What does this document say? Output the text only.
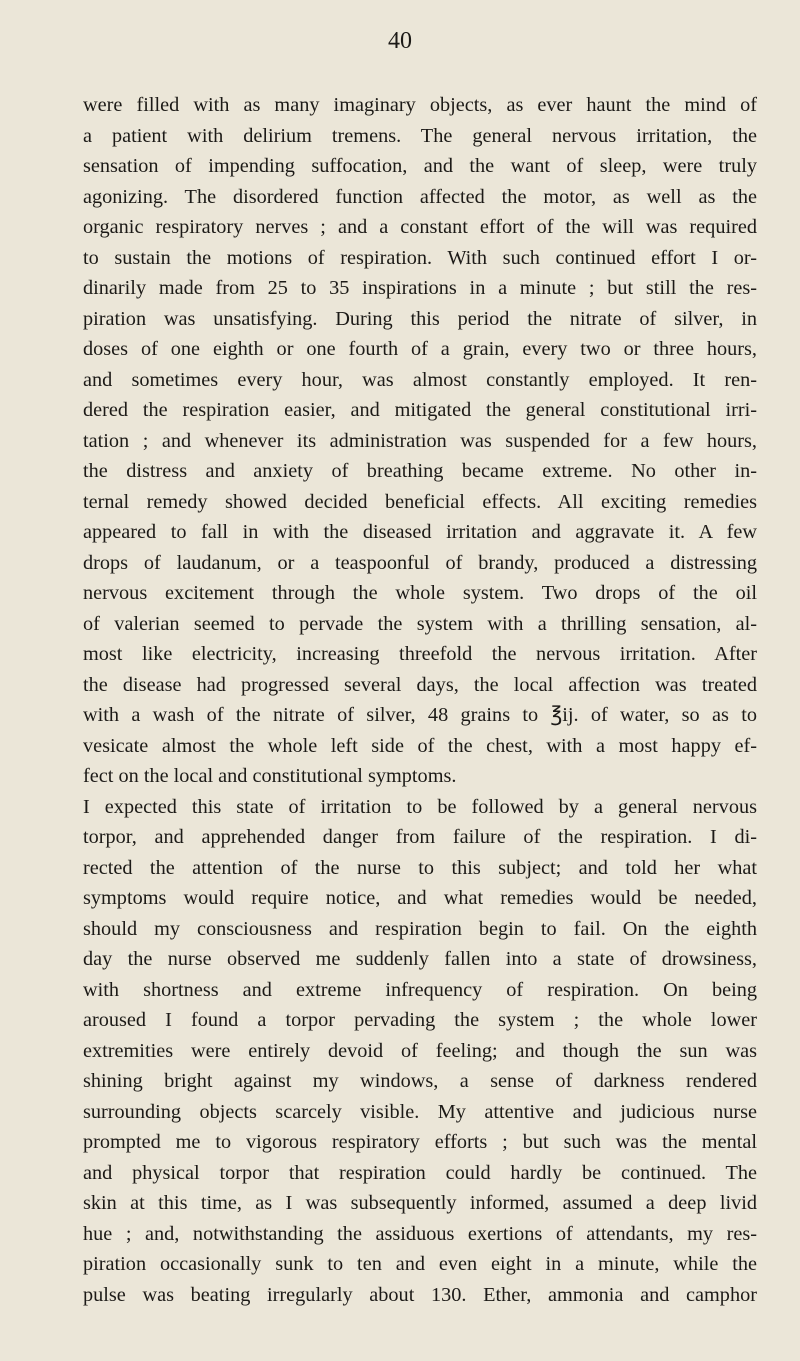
40
were filled with as many imaginary objects, as ever haunt the mind of
a patient with delirium tremens. The general nervous irritation, the
sensation of impending suffocation, and the want of sleep, were truly
agonizing. The disordered function affected the motor, as well as the
organic respiratory nerves ; and a constant effort of the will was required
to sustain the motions of respiration. With such continued effort I or-
dinarily made from 25 to 35 inspirations in a minute ; but still the res-
piration was unsatisfying. During this period the nitrate of silver, in
doses of one eighth or one fourth of a grain, every two or three hours,
and sometimes every hour, was almost constantly employed. It ren-
dered the respiration easier, and mitigated the general constitutional irri-
tation ; and whenever its administration was suspended for a few hours,
the distress and anxiety of breathing became extreme. No other in-
ternal remedy showed decided beneficial effects. All exciting remedies
appeared to fall in with the diseased irritation and aggravate it. A few
drops of laudanum, or a teaspoonful of brandy, produced a distressing
nervous excitement through the whole system. Two drops of the oil
of valerian seemed to pervade the system with a thrilling sensation, al-
most like electricity, increasing threefold the nervous irritation. After
the disease had progressed several days, the local affection was treated
with a wash of the nitrate of silver, 48 grains to ℥ij. of water, so as to
vesicate almost the whole left side of the chest, with a most happy ef-
fect on the local and constitutional symptoms.
I expected this state of irritation to be followed by a general nervous
torpor, and apprehended danger from failure of the respiration. I di-
rected the attention of the nurse to this subject; and told her what
symptoms would require notice, and what remedies would be needed,
should my consciousness and respiration begin to fail. On the eighth
day the nurse observed me suddenly fallen into a state of drowsiness,
with shortness and extreme infrequency of respiration. On being
aroused I found a torpor pervading the system ; the whole lower
extremities were entirely devoid of feeling; and though the sun was
shining bright against my windows, a sense of darkness rendered
surrounding objects scarcely visible. My attentive and judicious nurse
prompted me to vigorous respiratory efforts ; but such was the mental
and physical torpor that respiration could hardly be continued. The
skin at this time, as I was subsequently informed, assumed a deep livid
hue ; and, notwithstanding the assiduous exertions of attendants, my res-
piration occasionally sunk to ten and even eight in a minute, while the
pulse was beating irregularly about 130. Ether, ammonia and camphor
